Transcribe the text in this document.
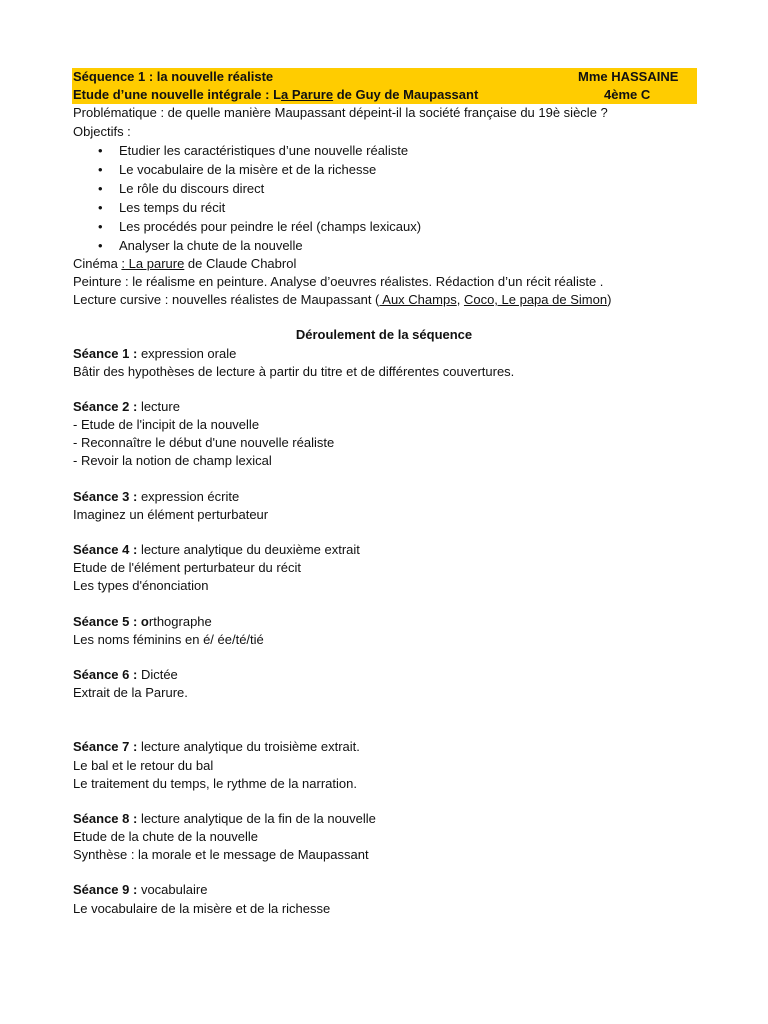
Séquence 1 : la nouvelle réaliste	Mme HASSAINE
Etude d’une nouvelle intégrale : La Parure de Guy de Maupassant	4ème C
Problématique : de quelle manière Maupassant dépeint-il la société française du 19è siècle ?
Objectifs :
• Etudier les caractéristiques d’une nouvelle réaliste
• Le vocabulaire de la misère et de la richesse
• Le rôle du discours direct
• Les temps du récit
• Les procédés pour peindre le réel (champs lexicaux)
• Analyser la chute de la nouvelle
Cinéma : La parure de Claude Chabrol
Peinture : le réalisme en peinture. Analyse d’oeuvres réalistes. Rédaction d’un récit réaliste .
Lecture cursive : nouvelles réalistes de Maupassant ( Aux Champs, Coco, Le papa de Simon)
Déroulement de la séquence
Séance 1 : expression orale
Bâtir des hypothèses de lecture à partir du titre et de différentes couvertures.
Séance 2 : lecture
- Etude de l'incipit de la nouvelle
- Reconnaître le début d'une nouvelle réaliste
- Revoir la notion de champ lexical
Séance 3 : expression écrite
Imaginez un élément perturbateur
Séance 4 : lecture analytique du deuxième extrait
Etude de l'élément perturbateur du récit
Les types d'énonciation
Séance 5 : orthographe
Les noms féminins en é/ ée/té/tié
Séance 6 : Dictée
Extrait de la Parure.
Séance 7 : lecture analytique du troisième extrait.
Le bal et le retour du bal
Le traitement du temps, le rythme de la narration.
Séance 8 : lecture analytique de la fin de la nouvelle
Etude de la chute de la nouvelle
Synthèse : la morale et le message de Maupassant
Séance 9 : vocabulaire
Le vocabulaire de la misère et de la richesse
